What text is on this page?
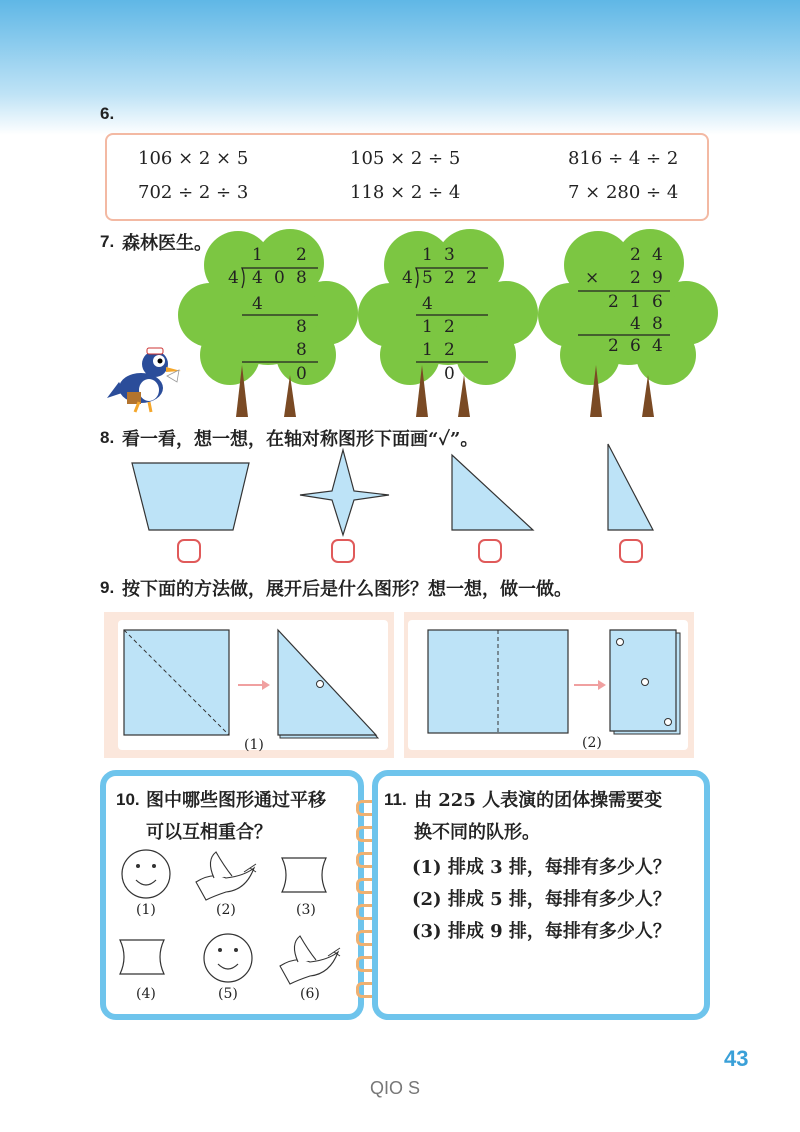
6.
106 × 2 × 5	105 × 2 ÷ 5	816 ÷ 4 ÷ 2
702 ÷ 2 ÷ 3	118 × 2 ÷ 4	7 × 280 ÷ 4
7. 森林医生。
1 2
4 4 0 8
4
8
8
0
1 3
4 5 2 2
4
1 2
1 2
0
2 4
× 2 9
2 1 6
4 8
2 6 4
8. 看一看，想一想，在轴对称图形下面画“✓”。
9. 按下面的方法做，展开后是什么图形？想一想，做一做。
(1)	(2)
10. 图中哪些图形通过平移
可以互相重合？
(1)	(2)	(3)
(4)	(5)	(6)
11. 由 225 人表演的团体操需要变
换不同的队形。
(1) 排成 3 排，每排有多少人？
(2) 排成 5 排，每排有多少人？
(3) 排成 9 排，每排有多少人？
43
QIO S
